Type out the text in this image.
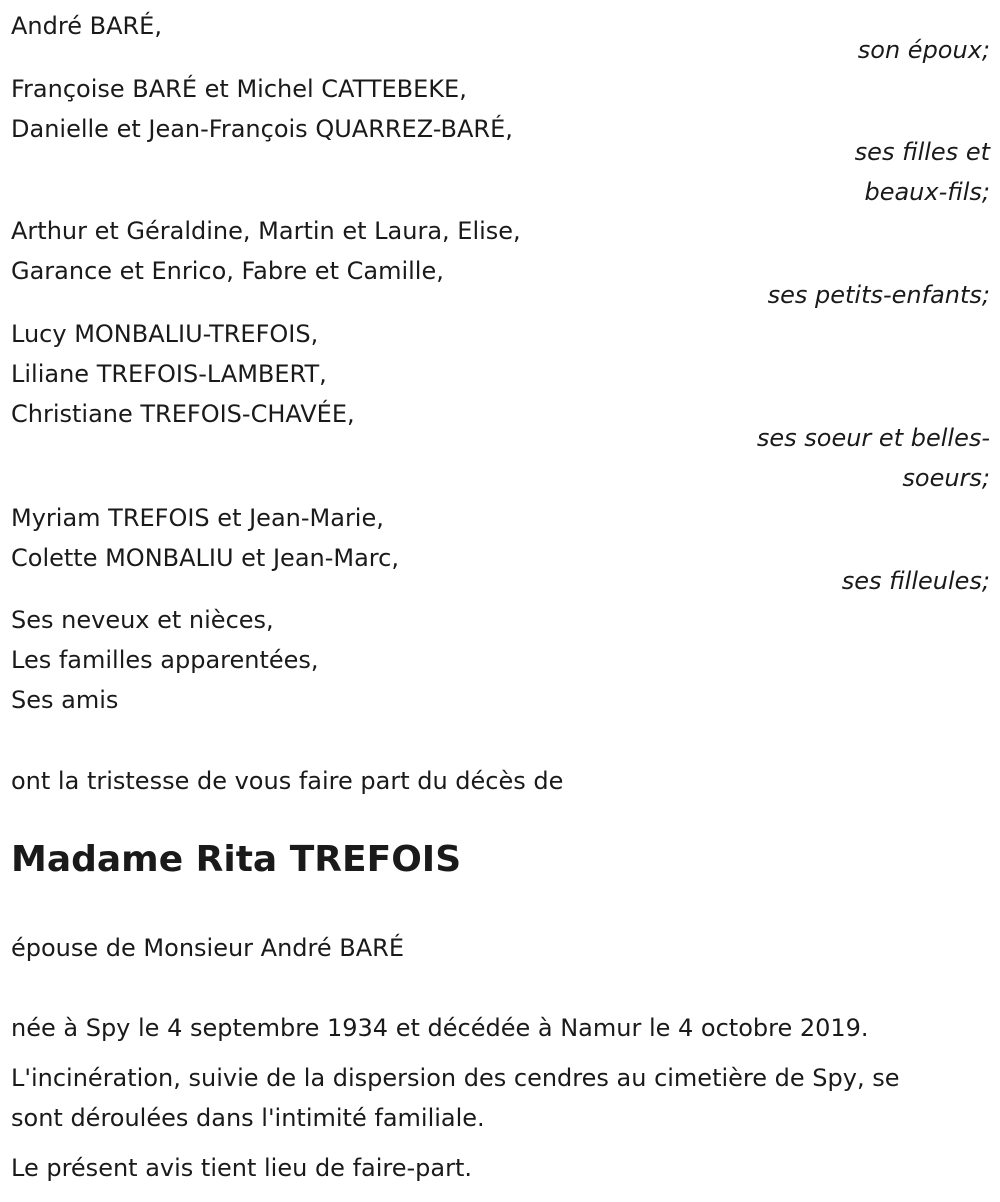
André BARÉ,
son époux;
Françoise BARÉ et Michel CATTEBEKE,
Danielle et Jean-François QUARREZ-BARÉ,
ses filles et
beaux-fils;
Arthur et Géraldine, Martin et Laura, Elise,
Garance et Enrico, Fabre et Camille,
ses petits-enfants;
Lucy MONBALIU-TREFOIS,
Liliane TREFOIS-LAMBERT,
Christiane TREFOIS-CHAVÉE,
ses soeur et belles-
soeurs;
Myriam TREFOIS et Jean-Marie,
Colette MONBALIU et Jean-Marc,
ses filleules;
Ses neveux et nièces,
Les familles apparentées,
Ses amis
ont la tristesse de vous faire part du décès de
Madame Rita TREFOIS
épouse de Monsieur André BARÉ
née à Spy le 4 septembre 1934 et décédée à Namur le 4 octobre 2019.
L'incinération, suivie de la dispersion des cendres au cimetière de Spy, se
sont déroulées dans l'intimité familiale.
Le présent avis tient lieu de faire-part.
